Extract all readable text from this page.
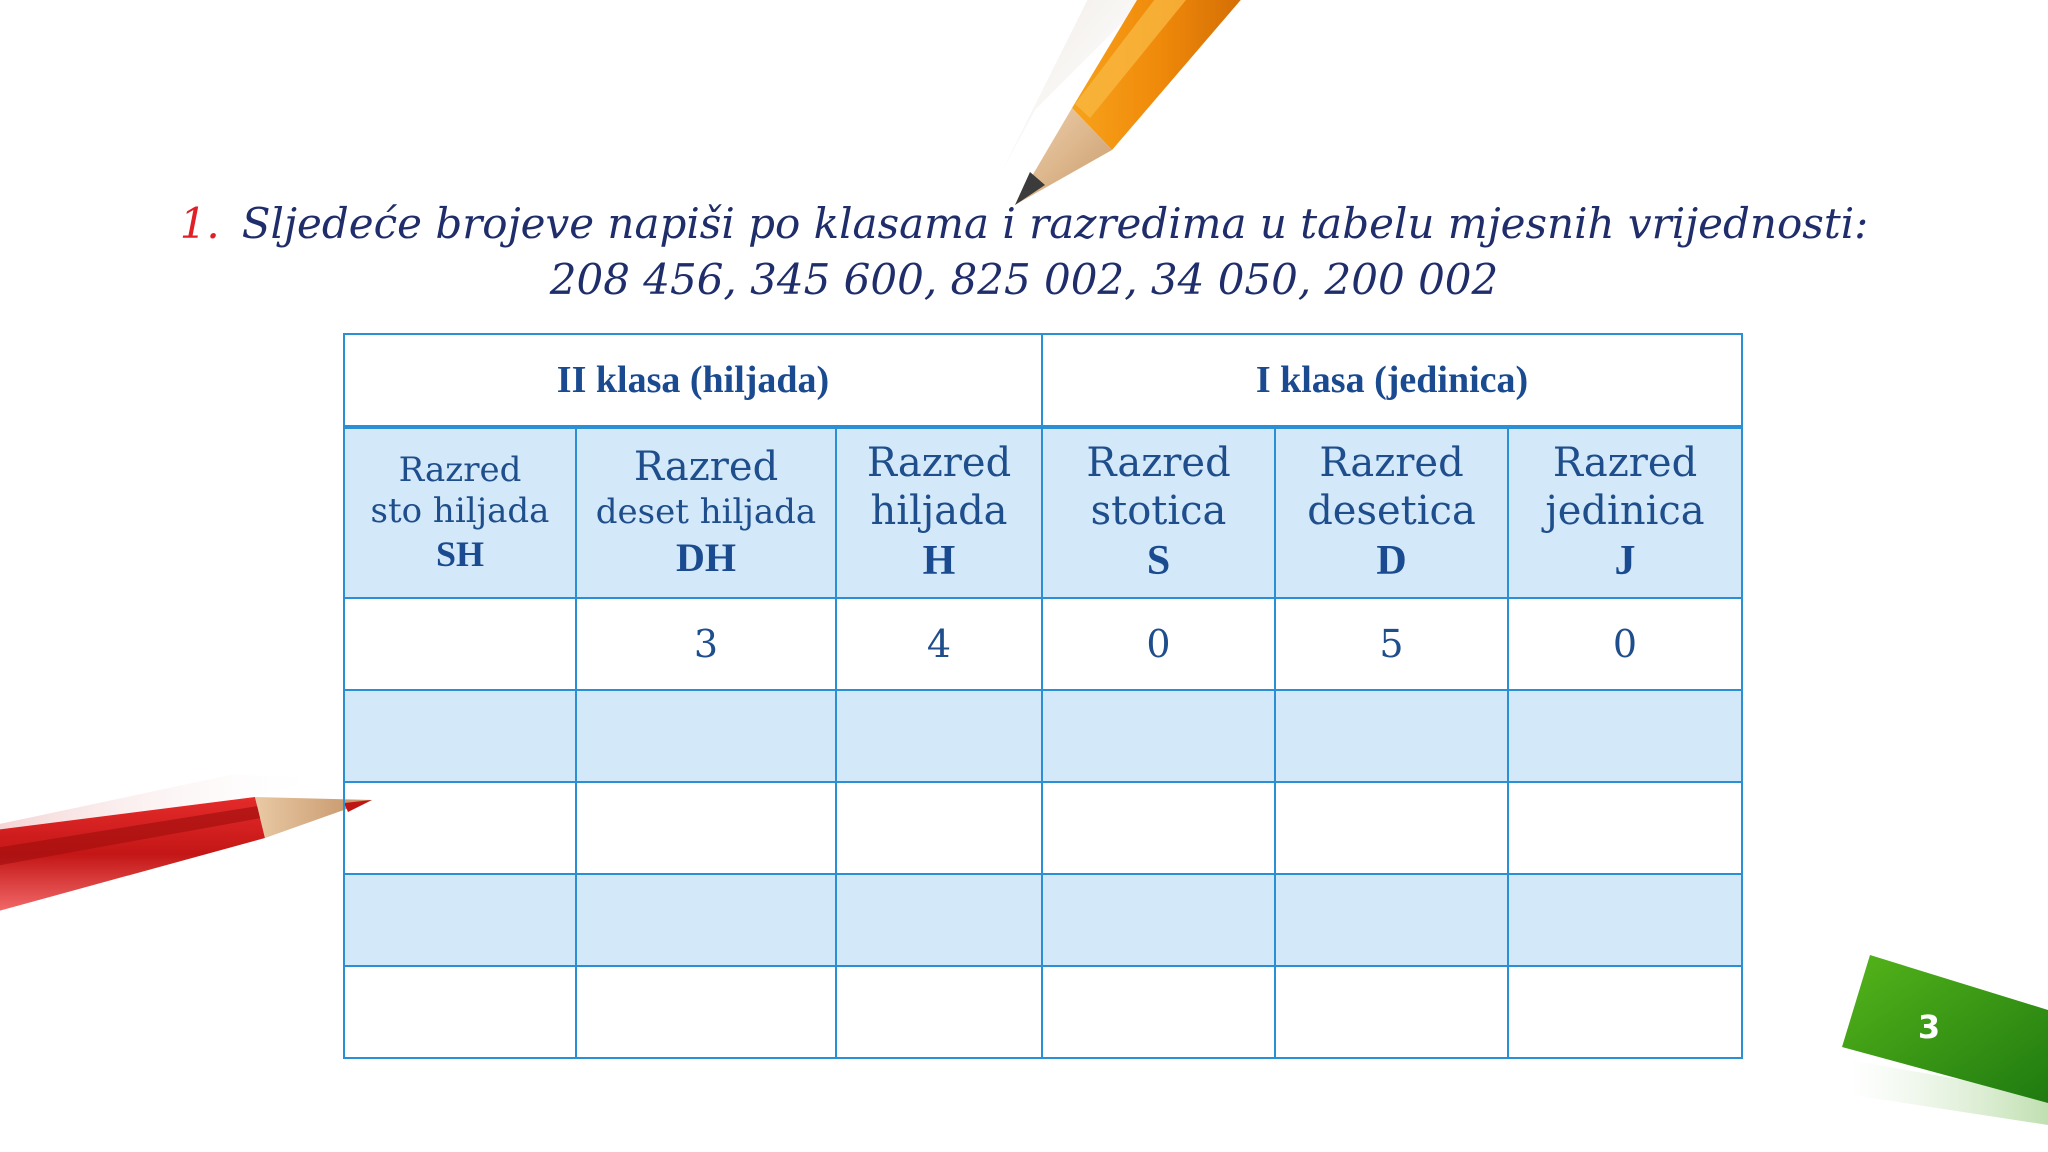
1. Sljedeće brojeve napiši po klasama i razredima u tabelu mjesnih vrijednosti:
208 456, 345 600, 825 002, 34 050, 200 002
II klasa (hiljada)			I klasa (jedinica)		

Razred
sto hiljada
SH	Razred
deset hiljada
DH	Razred
hiljada
H	Razred
stotica
S	Razred
desetica
D	Razred
jedinica
J

	3	4	0	5	0

3
